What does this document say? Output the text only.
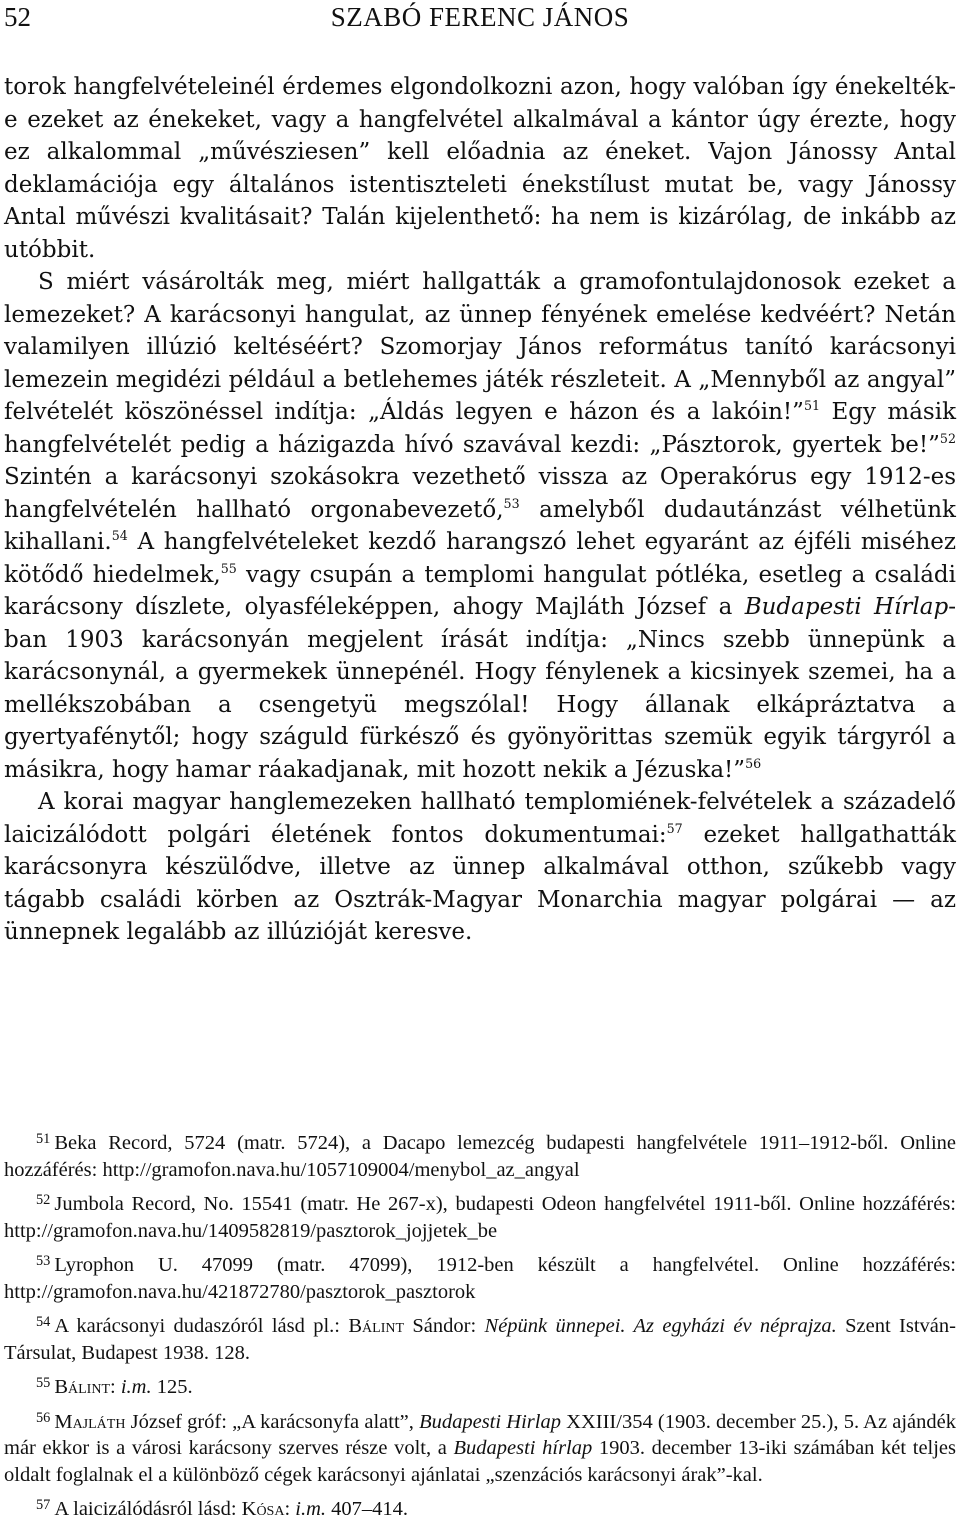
52	SZABÓ FERENC JÁNOS

torok hangfelvételeinél érdemes elgondolkozni azon, hogy valóban így énekelték-e ezeket az énekeket, vagy a hangfelvétel alkalmával a kántor úgy érezte, hogy ez alkalommal „művésziesen” kell előadnia az éneket. Vajon Jánossy Antal deklamációja egy általános istentiszteleti énekstílust mutat be, vagy Jánossy Antal művészi kvalitásait? Talán kijelenthető: ha nem is kizárólag, de inkább az utóbbit.

S miért vásárolták meg, miért hallgatták a gramofontulajdonosok ezeket a lemezeket? A karácsonyi hangulat, az ünnep fényének emelése kedvéért? Netán valamilyen illúzió keltéséért? Szomorjay János református tanító karácsonyi lemezein megidézi például a betlehemes játék részleteit. A „Mennyből az angyal” felvételét köszönéssel indítja: „Áldás legyen e házon és a lakóin!”$^{51}$ Egy másik hangfelvételét pedig a házigazda hívó szavával kezdi: „Pásztorok, gyertek be!”$^{52}$ Szintén a karácsonyi szokásokra vezethető vissza az Operakórus egy 1912-es hangfelvételén hallható orgonabevezető,$^{53}$ amelyből dudautánzást vélhetünk kihallani.$^{54}$ A hangfelvételeket kezdő harangszó lehet egyaránt az éjféli miséhez kötődő hiedelmek,$^{55}$ vagy csupán a templomi hangulat pótléka, esetleg a családi karácsony díszlete, olyasféleképpen, ahogy Majláth József a Budapesti Hírlap-ban 1903 karácsonyán megjelent írását indítja: „Nincs szebb ünnepünk a karácsonynál, a gyermekek ünnepénél. Hogy fénylenek a kicsinyek szemei, ha a mellékszobában a csengetyü megszólal! Hogy állanak elkápráztatva a gyertyafénytől; hogy száguld fürkésző és gyönyörittas szemük egyik tárgyról a másikra, hogy hamar ráakadjanak, mit hozott nekik a Jézuska!”$^{56}$

A korai magyar hanglemezeken hallható templomiének-felvételek a századelő laicizálódott polgári életének fontos dokumentumai:$^{57}$ ezeket hallgathatták karácsonyra készülődve, illetve az ünnep alkalmával otthon, szűkebb vagy tágabb családi körben az Osztrák-Magyar Monarchia magyar polgárai — az ünnepnek legalább az illúzióját keresve.

$^{51}$ Beka Record, 5724 (matr. 5724), a Dacapo lemezcég budapesti hangfelvétele 1911–1912-ből. Online hozzáférés: http://gramofon.nava.hu/1057109004/menybol_az_angyal

$^{52}$ Jumbola Record, No. 15541 (matr. He 267-x), budapesti Odeon hangfelvétel 1911-ből. Online hozzáférés: http://gramofon.nava.hu/1409582819/pasztorok_jojjetek_be

$^{53}$ Lyrophon U. 47099 (matr. 47099), 1912-ben készült a hangfelvétel. Online hozzáférés: http://gramofon.nava.hu/421872780/pasztorok_pasztorok

$^{54}$ A karácsonyi dudaszóról lásd pl.: Bálint Sándor: Népünk ünnepei. Az egyházi év néprajza. Szent István-Társulat, Budapest 1938. 128.

$^{55}$ Bálint: i.m. 125.

$^{56}$ Majláth József gróf: „A karácsonyfa alatt”, Budapesti Hirlap XXIII/354 (1903. december 25.), 5. Az ajándék már ekkor is a városi karácsony szerves része volt, a Budapesti hírlap 1903. december 13-iki számában két teljes oldalt foglalnak el a különböző cégek karácsonyi ajánlatai „szenzációs karácsonyi árak”-kal.

$^{57}$ A laicizálódásról lásd: Kósa: i.m. 407–414.
